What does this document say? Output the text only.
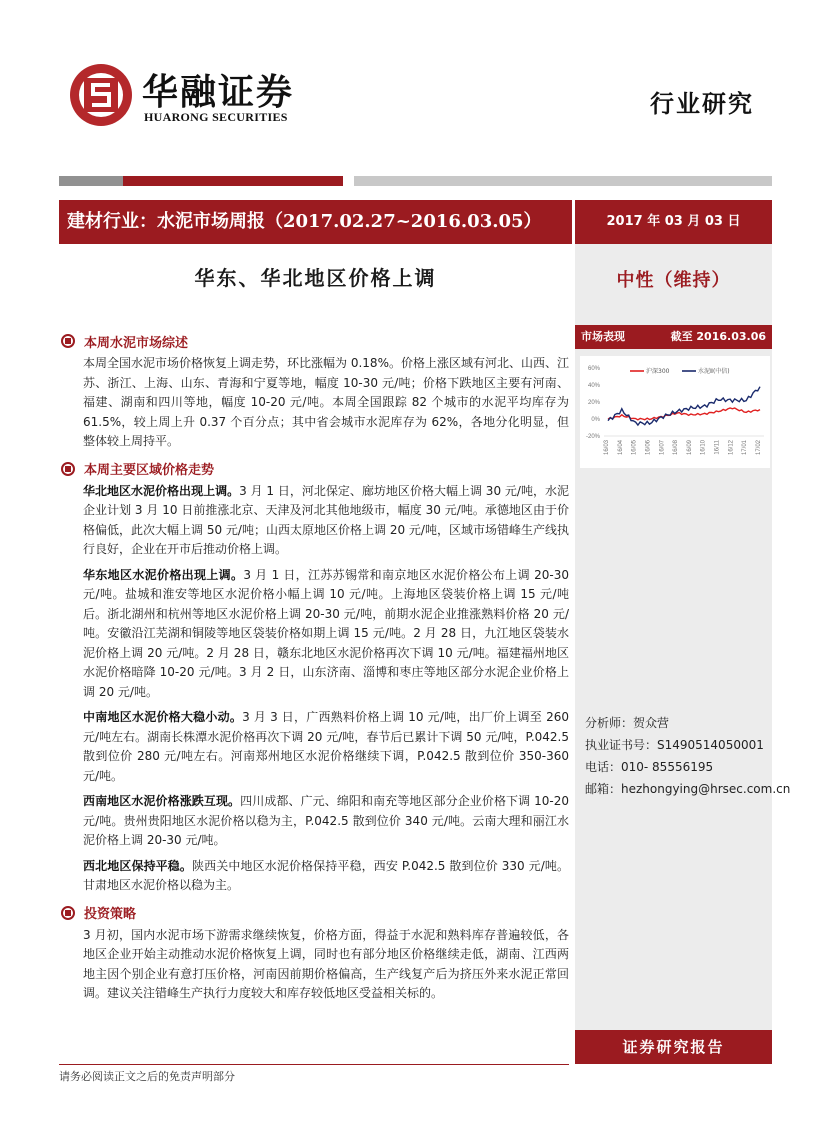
华融证券
HUARONG SECURITIES	行业研究
建材行业：水泥市场周报（2017.02.27~2016.03.05）	2017 年 03 月 03 日
华东、华北地区价格上调	中性（维持）
市场表现	截至 2016.03.06
60%
40%
20%
0%
-20%
16/03 16/04 16/05 16/06 16/07 16/08 16/09 16/10 16/11 16/12 17/01 17/02
沪深300	水泥Ⅱ(中信)
分析师：贺众营
执业证书号：S1490514050001
电话：010- 85556195
邮箱：hezhongying@hrsec.com.cn
证券研究报告
本周水泥市场综述

本周全国水泥市场价格恢复上调走势，环比涨幅为 0.18%。价格上涨区域有河北、山西、江苏、浙江、上海、山东、青海和宁夏等地，幅度 10-30 元/吨；价格下跌地区主要有河南、福建、湖南和四川等地，幅度 10-20 元/吨。本周全国跟踪 82 个城市的水泥平均库存为 61.5%，较上周上升 0.37 个百分点；其中省会城市水泥库存为 62%，各地分化明显，但整体较上周持平。

本周主要区域价格走势

华北地区水泥价格出现上调。3 月 1 日，河北保定、廊坊地区价格大幅上调 30 元/吨，水泥企业计划 3 月 10 日前推涨北京、天津及河北其他地级市，幅度 30 元/吨。承德地区由于价格偏低，此次大幅上调 50 元/吨；山西太原地区价格上调 20 元/吨，区域市场错峰生产线执行良好，企业在开市后推动价格上调。

华东地区水泥价格出现上调。3 月 1 日，江苏苏锡常和南京地区水泥价格公布上调 20-30 元/吨。盐城和淮安等地区水泥价格小幅上调 10 元/吨。上海地区袋装价格上调 15 元/吨后。浙北湖州和杭州等地区水泥价格上调 20-30 元/吨，前期水泥企业推涨熟料价格 20 元/吨。安徽沿江芜湖和铜陵等地区袋装价格如期上调 15 元/吨。2 月 28 日，九江地区袋装水泥价格上调 20 元/吨。2 月 28 日，赣东北地区水泥价格再次下调 10 元/吨。福建福州地区水泥价格暗降 10-20 元/吨。3 月 2 日，山东济南、淄博和枣庄等地区部分水泥企业价格上调 20 元/吨。

中南地区水泥价格大稳小动。3 月 3 日，广西熟料价格上调 10 元/吨，出厂价上调至 260 元/吨左右。湖南长株潭水泥价格再次下调 20 元/吨，春节后已累计下调 50 元/吨，P.042.5 散到位价 280 元/吨左右。河南郑州地区水泥价格继续下调，P.042.5 散到位价 350-360 元/吨。

西南地区水泥价格涨跌互现。四川成都、广元、绵阳和南充等地区部分企业价格下调 10-20 元/吨。贵州贵阳地区水泥价格以稳为主，P.042.5 散到位价 340 元/吨。云南大理和丽江水泥价格上调 20-30 元/吨。

西北地区保持平稳。陕西关中地区水泥价格保持平稳，西安 P.042.5 散到位价 330 元/吨。甘肃地区水泥价格以稳为主。

投资策略

3 月初，国内水泥市场下游需求继续恢复，价格方面，得益于水泥和熟料库存普遍较低，各地区企业开始主动推动水泥价格恢复上调，同时也有部分地区价格继续走低，湖南、江西两地主因个别企业有意打压价格，河南因前期价格偏高，生产线复产后为挤压外来水泥正常回调。建议关注错峰生产执行力度较大和库存较低地区受益相关标的。

请务必阅读正文之后的免责声明部分
